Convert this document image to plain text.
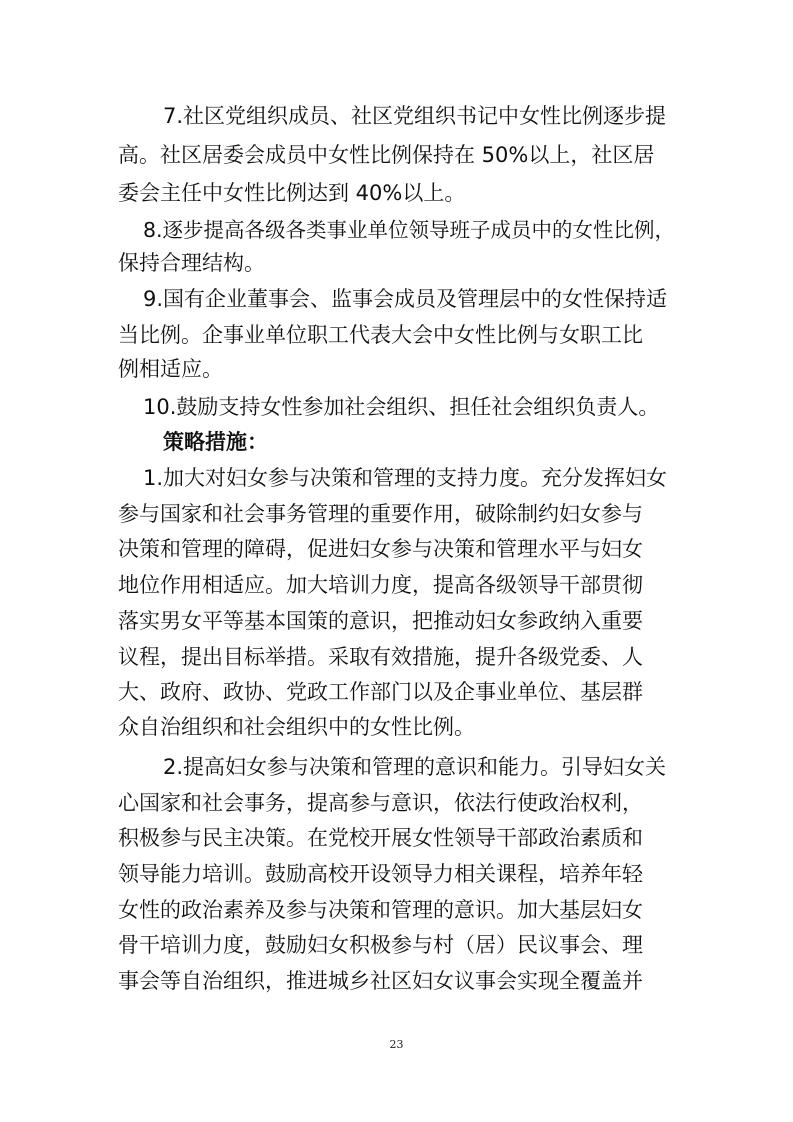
7.社区党组织成员、社区党组织书记中女性比例逐步提
高。社区居委会成员中女性比例保持在 50%以上，社区居
委会主任中女性比例达到 40%以上。
8.逐步提高各级各类事业单位领导班子成员中的女性比例，
保持合理结构。
9.国有企业董事会、监事会成员及管理层中的女性保持适
当比例。企事业单位职工代表大会中女性比例与女职工比
例相适应。
10.鼓励支持女性参加社会组织、担任社会组织负责人。
策略措施：
1.加大对妇女参与决策和管理的支持力度。充分发挥妇女
参与国家和社会事务管理的重要作用，破除制约妇女参与
决策和管理的障碍，促进妇女参与决策和管理水平与妇女
地位作用相适应。加大培训力度，提高各级领导干部贯彻
落实男女平等基本国策的意识，把推动妇女参政纳入重要
议程，提出目标举措。采取有效措施，提升各级党委、人
大、政府、政协、党政工作部门以及企事业单位、基层群
众自治组织和社会组织中的女性比例。
2.提高妇女参与决策和管理的意识和能力。引导妇女关
心国家和社会事务，提高参与意识，依法行使政治权利，
积极参与民主决策。在党校开展女性领导干部政治素质和
领导能力培训。鼓励高校开设领导力相关课程，培养年轻
女性的政治素养及参与决策和管理的意识。加大基层妇女
骨干培训力度，鼓励妇女积极参与村（居）民议事会、理
事会等自治组织，推进城乡社区妇女议事会实现全覆盖并
23
